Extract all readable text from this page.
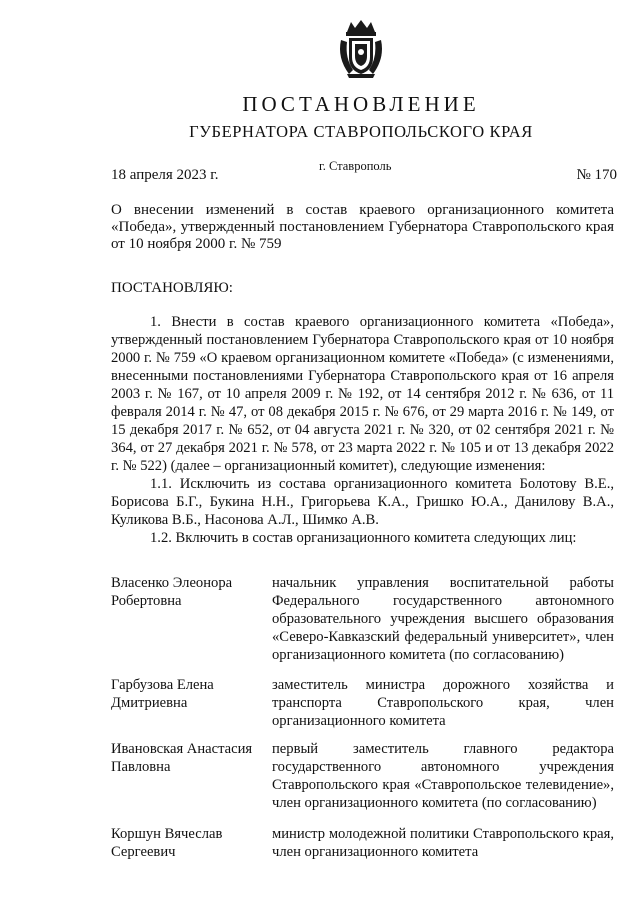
ПОСТАНОВЛЕНИЕ
ГУБЕРНАТОРА СТАВРОПОЛЬСКОГО КРАЯ
18 апреля 2023 г.
г. Ставрополь
№ 170
О внесении изменений в состав краевого организационного комитета «Победа», утвержденный постановлением Губернатора Ставропольского края от 10 ноября 2000 г. № 759
ПОСТАНОВЛЯЮ:

1. Внести в состав краевого организационного комитета «Победа», утвержденный постановлением Губернатора Ставропольского края от 10 ноября 2000 г. № 759 «О краевом организационном комитете «Победа» (с изменениями, внесенными постановлениями Губернатора Ставропольского края от 16 апреля 2003 г. № 167, от 10 апреля 2009 г. № 192, от 14 сентября 2012 г. № 636, от 11 февраля 2014 г. № 47, от 08 декабря 2015 г. № 676, от 29 марта 2016 г. № 149, от 15 декабря 2017 г. № 652, от 04 августа 2021 г. № 320, от 02 сентября 2021 г. № 364, от 27 декабря 2021 г. № 578, от 23 марта 2022 г. № 105 и от 13 декабря 2022 г. № 522) (далее – организационный комитет), следующие изменения:

1.1. Исключить из состава организационного комитета Болотову В.Е., Борисова Б.Г., Букина Н.Н., Григорьева К.А., Гришко Ю.А., Данилову В.А., Куликова В.Б., Насонова А.Л., Шимко А.В.

1.2. Включить в состав организационного комитета следующих лиц:

Власенко Элеонора
Робертовна
начальник управления воспитательной работы Федерального государственного автономного образовательного учреждения высшего образования «Северо-Кавказский федеральный университет», член организационного комитета (по согласованию)
Гарбузова Елена
Дмитриевна
заместитель министра дорожного хозяйства и транспорта Ставропольского края, член организационного комитета
Ивановская Анастасия
Павловна
первый заместитель главного редактора государственного автономного учреждения Ставропольского края «Ставропольское телевидение», член организационного комитета (по согласованию)
Коршун Вячеслав
Сергеевич
министр молодежной политики Ставропольского края, член организационного комитета
